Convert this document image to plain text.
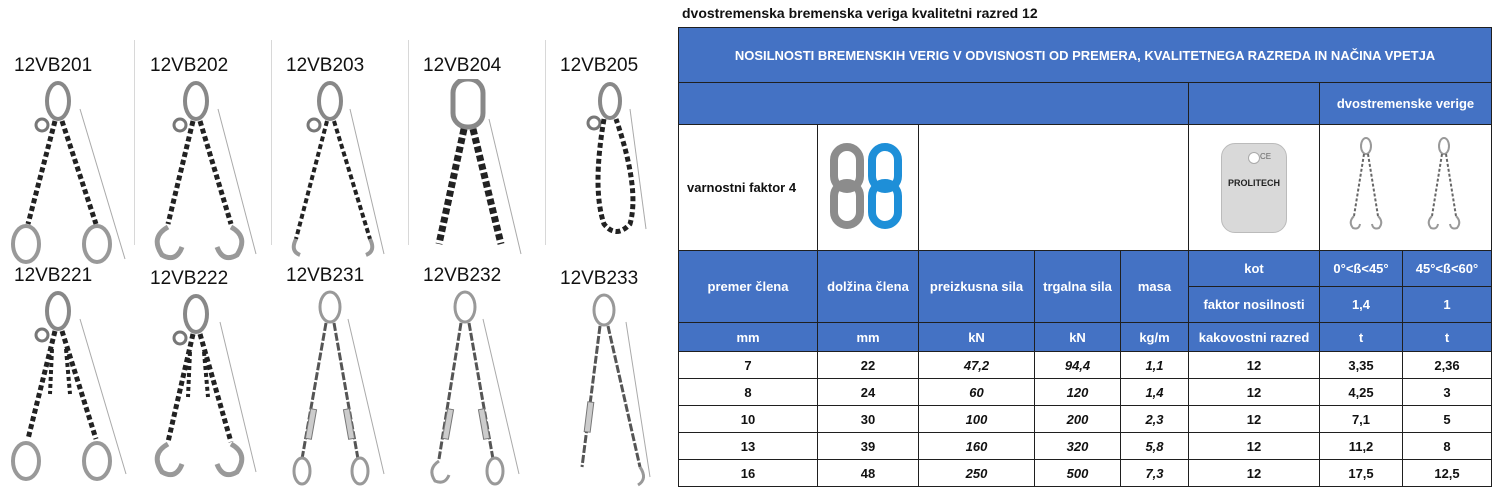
12VB201	12VB202	12VB203	12VB204	12VB205
12VB221	12VB222	12VB231	12VB232	12VB233
dvostremenska bremenska veriga kvalitetni razred 12
NOSILNOSTI BREMENSKIH VERIG V ODVISNOSTI OD PREMERA, KVALITETNEGA RAZREDA IN NAČINA VPETJA							
						dvostremenske verige	
varnostni faktor 4					CE
PROLITECH

premer člena	dolžina člena	preizkusna sila	trgalna sila	masa	kot	0°<ß<45°	45°<ß<60°
					faktor nosilnosti	1,4	1
mm	mm	kN	kN	kg/m	kakovostni razred	t	t
7	22	47,2	94,4	1,1	12	3,35	2,36
8	24	60	120	1,4	12	4,25	3
10	30	100	200	2,3	12	7,1	5
13	39	160	320	5,8	12	11,2	8
16	48	250	500	7,3	12	17,5	12,5
